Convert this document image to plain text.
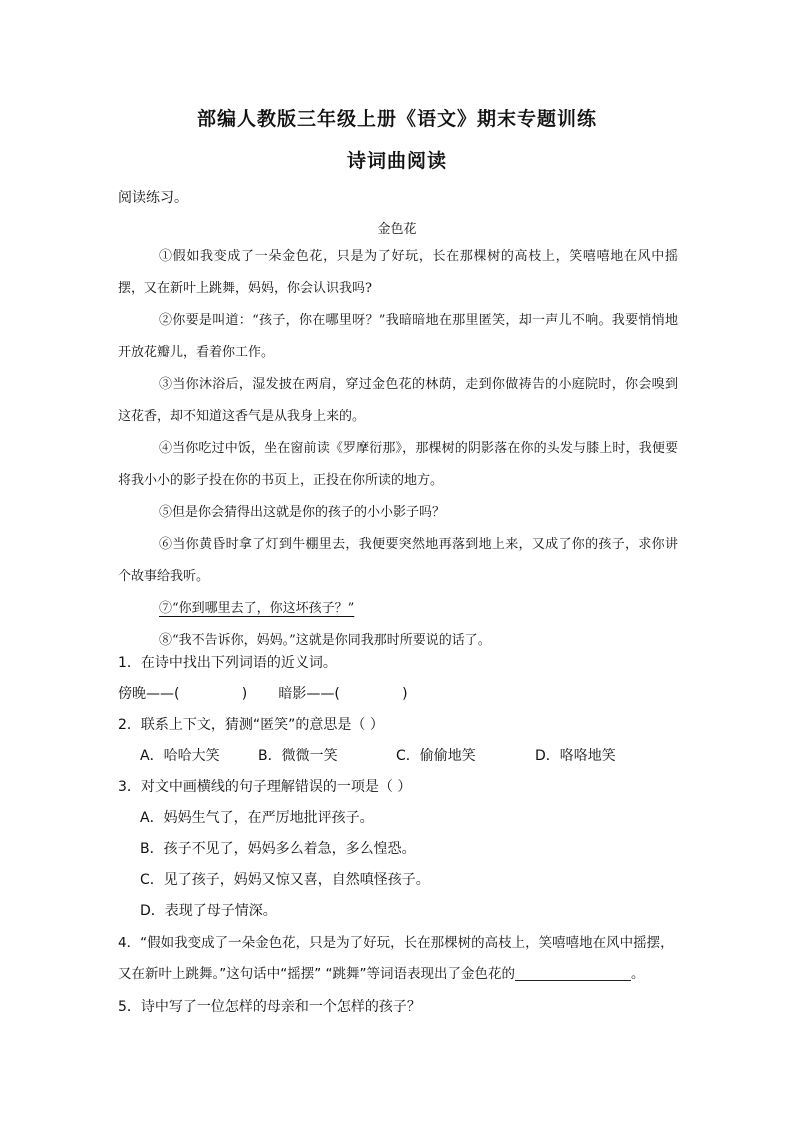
部编人教版三年级上册《语文》期末专题训练
诗词曲阅读
阅读练习。
金色花

①假如我变成了一朵金色花，只是为了好玩，长在那棵树的高枝上，笑嘻嘻地在风中摇摆，又在新叶上跳舞，妈妈，你会认识我吗?

②你要是叫道：“孩子，你在哪里呀？”我暗暗地在那里匿笑，却一声儿不响。我要悄悄地开放花瓣儿，看着你工作。

③当你沐浴后，湿发披在两肩，穿过金色花的林荫，走到你做祷告的小庭院时，你会嗅到这花香，却不知道这香气是从我身上来的。

④当你吃过中饭，坐在窗前读《罗摩衍那》，那棵树的阴影落在你的头发与膝上时，我便要将我小小的影子投在你的书页上，正投在你所读的地方。

⑤但是你会猜得出这就是你的孩子的小小影子吗？

⑥当你黄昏时拿了灯到牛棚里去，我便要突然地再落到地上来，又成了你的孩子，求你讲个故事给我听。

⑦“你到哪里去了，你这坏孩子？”

⑧“我不告诉你，妈妈。”这就是你同我那时所要说的话了。

1．在诗中找出下列词语的近义词。
傍晚——(              )       暗影——(              )
2．联系上下文，猜测“匿笑”的意思是（ ）
A．哈哈大笑	B．微微一笑	C．偷偷地笑	D．咯咯地笑
3．对文中画横线的句子理解错误的一项是（ ）
A．妈妈生气了，在严厉地批评孩子。
B．孩子不见了，妈妈多么着急，多么惶恐。
C．见了孩子，妈妈又惊又喜，自然嗔怪孩子。
D．表现了母子情深。
4．“假如我变成了一朵金色花，只是为了好玩，长在那棵树的高枝上，笑嘻嘻地在风中摇摆，
又在新叶上跳舞。”这句话中“摇摆” “跳舞”等词语表现出了金色花的	。
5．诗中写了一位怎样的母亲和一个怎样的孩子？
